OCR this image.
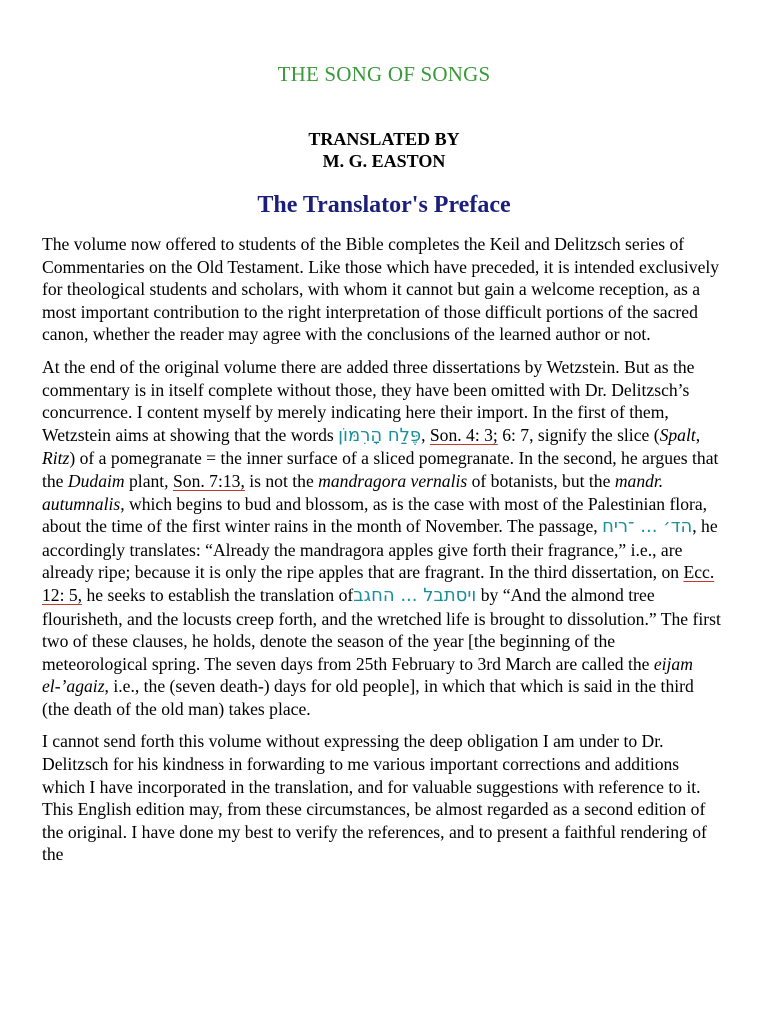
THE SONG OF SONGS
TRANSLATED BY
M. G. EASTON
The Translator's Preface

The volume now offered to students of the Bible completes the Keil and Delitzsch series of Commentaries on the Old Testament. Like those which have preceded, it is intended exclusively for theological students and scholars, with whom it cannot but gain a welcome reception, as a most important contribution to the right interpretation of those difficult portions of the sacred canon, whether the reader may agree with the conclusions of the learned author or not.

At the end of the original volume there are added three dissertations by Wetzstein. But as the commentary is in itself complete without those, they have been omitted with Dr. Delitzsch’s concurrence. I content myself by merely indicating here their import. In the first of them, Wetzstein aims at showing that the words פֶּלַח הָרִמּוֹן, Son. 4: 3; 6: 7, signify the slice (Spalt, Ritz) of a pomegranate = the inner surface of a sliced pomegranate. In the second, he argues that the Dudaim plant, Son. 7:13, is not the mandragora vernalis of botanists, but the mandr. autumnalis, which begins to bud and blossom, as is the case with most of the Palestinian flora, about the time of the first winter rains in the month of November. The passage, הד׳ ... ־ריח, he accordingly translates: “Already the mandragora apples give forth their fragrance,” i.e., are already ripe; because it is only the ripe apples that are fragrant. In the third dissertation, on Ecc. 12: 5, he seeks to establish the translation ofויסתבל ... החגב by “And the almond tree flourisheth, and the locusts creep forth, and the wretched life is brought to dissolution.” The first two of these clauses, he holds, denote the season of the year [the beginning of the meteorological spring. The seven days from 25th February to 3rd March are called the eijam el-’agaiz, i.e., the (seven death-) days for old people], in which that which is said in the third (the death of the old man) takes place.

I cannot send forth this volume without expressing the deep obligation I am under to Dr. Delitzsch for his kindness in forwarding to me various important corrections and additions which I have incorporated in the translation, and for valuable suggestions with reference to it. This English edition may, from these circumstances, be almost regarded as a second edition of the original. I have done my best to verify the references, and to present a faithful rendering of the
